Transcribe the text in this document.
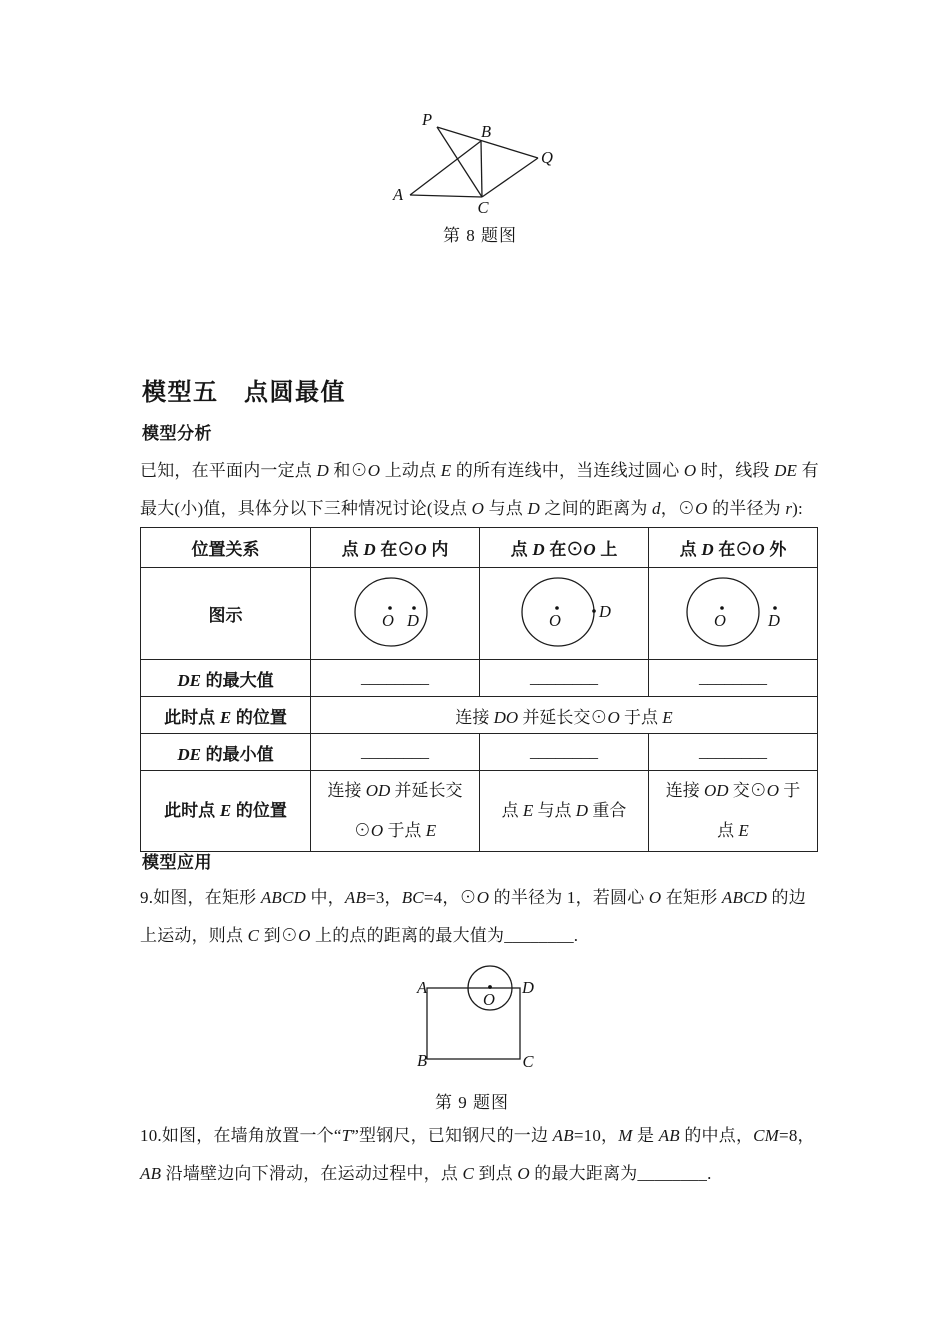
P
B
Q
A
C
第 8 题图
模型五　点圆最值
模型分析
已知，在平面内一定点 D 和⊙O 上动点 E 的所有连线中，当连线过圆心 O 时，线段 DE 有
最大(小)值，具体分以下三种情况讨论(设点 O 与点 D 之间的距离为 d，⊙O 的半径为 r):
位置关系	点 D 在⊙O 内	点 D 在⊙O 上	点 D 在⊙O 外
图示	O D	O D	O D

DE 的最大值	________	________	________
此时点 E 的位置	连接 DO 并延长交⊙O 于点 E		
DE 的最小值	________	________	________
此时点 E 的位置	连接 OD 并延长交⊙O 于点 E	点 E 与点 D 重合	连接 OD 交⊙O 于点 E
模型应用
9.如图，在矩形 ABCD 中，AB=3，BC=4，⊙O 的半径为 1，若圆心 O 在矩形 ABCD 的边
上运动，则点 C 到⊙O 上的点的距离的最大值为________.
A	D
B	C
O
第 9 题图
10.如图，在墙角放置一个“T”型钢尺，已知钢尺的一边 AB=10，M 是 AB 的中点，CM=8，
AB 沿墙壁边向下滑动，在运动过程中，点 C 到点 O 的最大距离为________.
